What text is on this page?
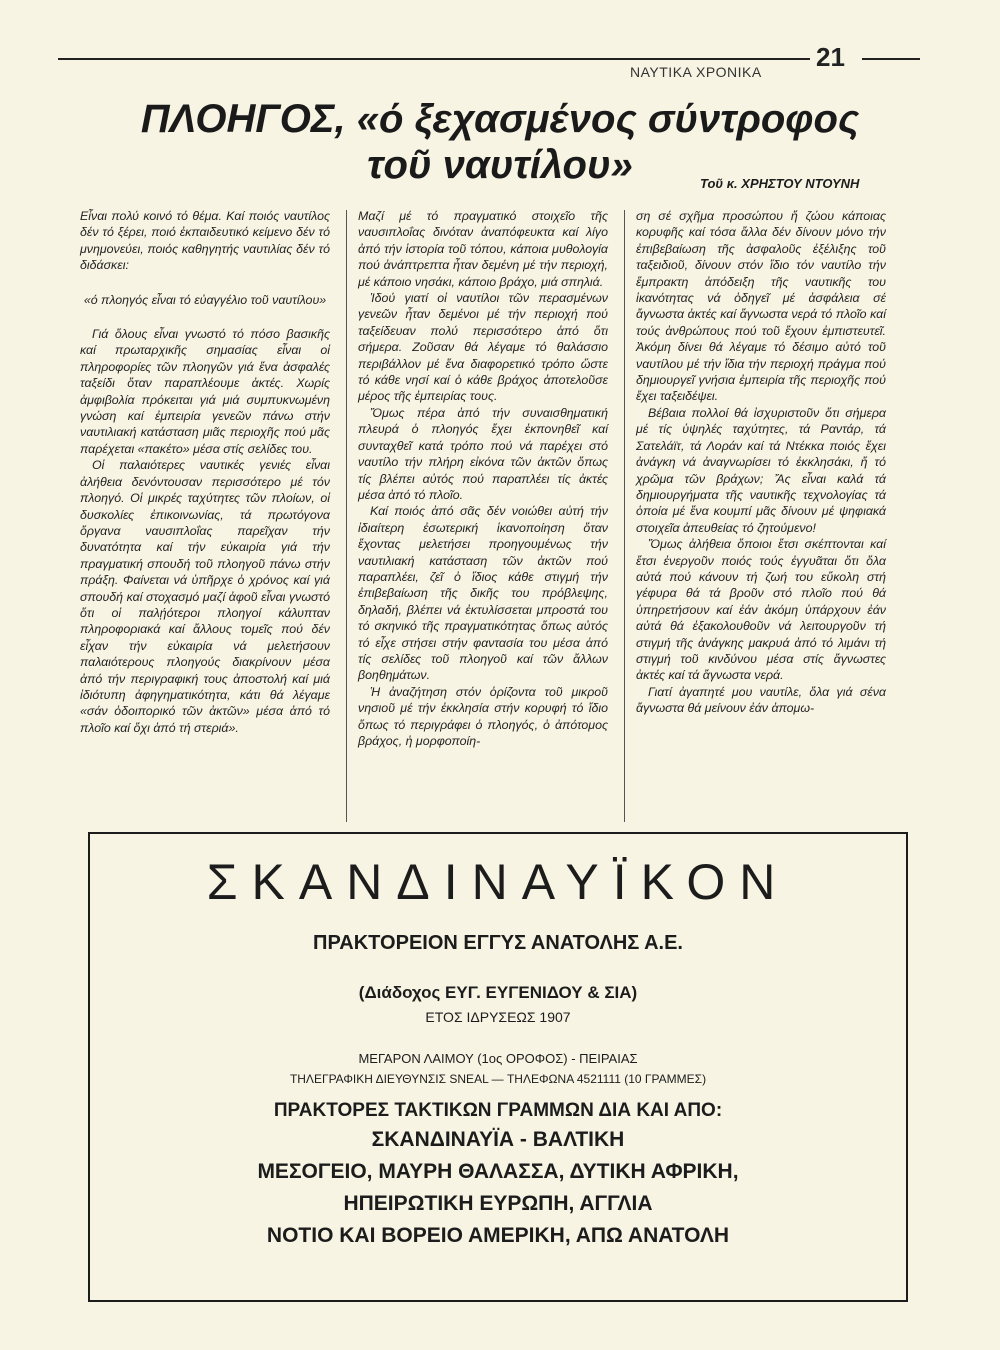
ΝΑΥΤΙΚΑ ΧΡΟΝΙΚΑ 21
ΠΛΟΗΓΟΣ, «ό ξεχασμένος σύντροφος
τοῦ ναυτίλου»	Τοῦ κ. ΧΡΗΣΤΟΥ ΝΤΟΥΝΗ

Εἶναι πολύ κοινό τό θέμα. Καί ποιός ναυτίλος δέν τό ξέρει, ποιό ἐκπαιδευτικό κείμενο δέν τό μνημονεύει, ποιός καθηγητής ναυτιλίας δέν τό διδάσκει:

«ό πλοηγός εἶναι τό εὐαγγέλιο τοῦ ναυτίλου»

Γιά ὅλους εἶναι γνωστό τό πόσο βασικῆς καί πρωταρχικῆς σημασίας εἶναι οἱ πληροφορίες τῶν πλοηγῶν γιά ἕνα ἀσφαλές ταξείδι ὅταν παραπλέουμε ἀκτές. Χωρίς ἀμφιβολία πρόκειται γιά μιά συμπυκνωμένη γνώση καί ἐμπειρία γενεῶν πάνω στήν ναυτιλιακή κατάσταση μιᾶς περιοχῆς πού μᾶς παρέχεται «πακέτο» μέσα στίς σελίδες του.

Οἱ παλαιότερες ναυτικές γενιές εἶναι ἀλήθεια δενόντουσαν περισσότερο μέ τόν πλοηγό. Οἱ μικρές ταχύτητες τῶν πλοίων, οἱ δυσκολίες ἐπικοινωνίας, τά πρωτόγονα ὄργανα ναυσιπλοΐας παρεῖχαν τήν δυνατότητα καί τήν εὐκαιρία γιά τήν πραγματική σπουδή τοῦ πλοηγοῦ πάνω στήν πράξη. Φαίνεται νά ὑπῆρχε ὁ χρόνος καί γιά σπουδή καί στοχασμό μαζί ἀφοῦ εἶναι γνωστό ὅτι οἱ παλῄότεροι πλοηγοί κάλυπταν πληροφοριακά καί ἄλλους τομεῖς πού δέν εἶχαν τήν εὐκαιρία νά μελετήσουν παλαιότερους πλοηγούς διακρίνουν μέσα ἀπό τήν περιγραφική τους ἀποστολή καί μιά ἰδιότυπη ἀφηγηματικότητα, κάτι θά λέγαμε «σάν ὁδοιπορικό τῶν ἀκτῶν» μέσα ἀπό τό πλοῖο καί ὄχι ἀπό τή στεριά».

Μαζί μέ τό πραγματικό στοιχεῖο τῆς ναυσιπλοΐας δινόταν ἀναπόφευκτα καί λίγο ἀπό τήν ἱστορία τοῦ τόπου, κάποια μυθολογία πού ἀνάπτρεπτα ἦταν δεμένη μέ τήν περιοχή, μέ κάποιο νησάκι, κάποιο βράχο, μιά σπηλιά.

Ἰδού γιατί οἱ ναυτίλοι τῶν περασμένων γενεῶν ἦταν δεμένοι μέ τήν περιοχή πού ταξείδευαν πολύ περισσότερο ἀπό ὅτι σήμερα. Ζοῦσαν θά λέγαμε τό θαλάσσιο περιβάλλον μέ ἕνα διαφορετικό τρόπο ὥστε τό κάθε νησί καί ὁ κάθε βράχος ἀποτελοῦσε μέρος τῆς ἐμπειρίας τους.

Ὅμως πέρα ἀπό τήν συναισθηματική πλευρά ὁ πλοηγός ἔχει ἐκπονηθεῖ καί συνταχθεῖ κατά τρόπο πού νά παρέχει στό ναυτίλο τήν πλήρη εἰκόνα τῶν ἀκτῶν ὅπως τίς βλέπει αὐτός πού παραπλέει τίς ἀκτές μέσα ἀπό τό πλοῖο.

Καί ποιός ἀπό σᾶς δέν νοιώθει αὐτή τήν ἰδιαίτερη ἐσωτερική ἱκανοποίηση ὅταν ἔχοντας μελετήσει προηγουμένως τήν ναυτιλιακή κατάσταση τῶν ἀκτῶν πού παραπλέει, ζεῖ ὁ ἴδιος κάθε στιγμή τήν ἐπιβεβαίωση τῆς δικῆς του πρόβλεψης, δηλαδή, βλέπει νά ἐκτυλίσσεται μπροστά του τό σκηνικό τῆς πραγματικότητας ὅπως αὐτός τό εἶχε στήσει στήν φαντασία του μέσα ἀπό τίς σελίδες τοῦ πλοηγοῦ καί τῶν ἄλλων βοηθημάτων.

Ἡ ἀναζήτηση στόν ὁρίζοντα τοῦ μικροῦ νησιοῦ μέ τήν ἐκκλησία στήν κορυφή τό ἴδιο ὅπως τό περιγράφει ὁ πλοηγός, ὁ ἀπότομος βράχος, ἡ μορφοποίη-

ση σέ σχῆμα προσώπου ἤ ζώου κάποιας κορυφῆς καί τόσα ἄλλα δέν δίνουν μόνο τήν ἐπιβεβαίωση τῆς ἀσφαλοῦς ἐξέλιξης τοῦ ταξειδιοῦ, δίνουν στόν ἴδιο τόν ναυτίλο τήν ἔμπρακτη ἀπόδειξη τῆς ναυτικῆς του ἱκανότητας νά ὁδηγεῖ μέ ἀσφάλεια σέ ἄγνωστα ἀκτές καί ἄγνωστα νερά τό πλοῖο καί τούς ἀνθρώπους πού τοῦ ἔχουν ἐμπιστευτεῖ. Ἀκόμη δίνει θά λέγαμε τό δέσιμο αὐτό τοῦ ναυτίλου μέ τήν ἴδια τήν περιοχή πράγμα πού δημιουργεῖ γνήσια ἐμπειρία τῆς περιοχῆς πού ἔχει ταξειδέψει.

Βέβαια πολλοί θά ἰσχυριστοῦν ὅτι σήμερα μέ τίς ὑψηλές ταχύτητες, τά Ραντάρ, τά Σατελάϊτ, τά Λοράν καί τά Ντέκκα ποιός ἔχει ἀνάγκη νά ἀναγνωρίσει τό ἐκκλησάκι, ἤ τό χρῶμα τῶν βράχων; Ἄς εἶναι καλά τά δημιουργήματα τῆς ναυτικῆς τεχνολογίας τά ὁποία μέ ἕνα κουμπί μᾶς δίνουν μέ ψηφιακά στοιχεῖα ἀπευθείας τό ζητούμενο!

Ὅμως ἀλήθεια ὅποιοι ἔτσι σκέπτονται καί ἔτσι ἐνεργοῦν ποιός τούς ἐγγυᾶται ὅτι ὅλα αὐτά πού κάνουν τή ζωή του εὔκολη στή γέφυρα θά τά βροῦν στό πλοῖο πού θά ὑπηρετήσουν καί ἐάν ἀκόμη ὑπάρχουν ἐάν αὐτά θά ἐξακολουθοῦν νά λειτουργοῦν τή στιγμή τῆς ἀνάγκης μακρυά ἀπό τό λιμάνι τή στιγμή τοῦ κινδύνου μέσα στίς ἄγνωστες ἀκτές καί τά ἄγνωστα νερά.

Γιατί ἀγαπητέ μου ναυτίλε, ὅλα γιά σένα ἄγνωστα θά μείνουν ἐάν ἀπομω-

ΣΚΑΝΔΙΝΑΥΪΚΟΝ
ΠΡΑΚΤΟΡΕΙΟΝ ΕΓΓΥΣ ΑΝΑΤΟΛΗΣ Α.Ε.
(Διάδοχος ΕΥΓ. ΕΥΓΕΝΙΔΟΥ & ΣΙΑ)
ΕΤΟΣ ΙΔΡΥΣΕΩΣ 1907
ΜΕΓΑΡΟΝ ΛΑΙΜΟΥ (1ος ΟΡΟΦΟΣ) - ΠΕΙΡΑΙΑΣ
ΤΗΛΕΓΡΑΦΙΚΗ ΔΙΕΥΘΥΝΣΙΣ SNEAL — ΤΗΛΕΦΩΝΑ 4521111 (10 ΓΡΑΜΜΕΣ)
ΠΡΑΚΤΟΡΕΣ ΤΑΚΤΙΚΩΝ ΓΡΑΜΜΩΝ ΔΙΑ ΚΑΙ ΑΠΟ:
ΣΚΑΝΔΙΝΑΥΪΑ - ΒΑΛΤΙΚΗ
ΜΕΣΟΓΕΙΟ, ΜΑΥΡΗ ΘΑΛΑΣΣΑ, ΔΥΤΙΚΗ ΑΦΡΙΚΗ,
ΗΠΕΙΡΩΤΙΚΗ ΕΥΡΩΠΗ, ΑΓΓΛΙΑ
ΝΟΤΙΟ ΚΑΙ ΒΟΡΕΙΟ ΑΜΕΡΙΚΗ, ΑΠΩ ΑΝΑΤΟΛΗ
